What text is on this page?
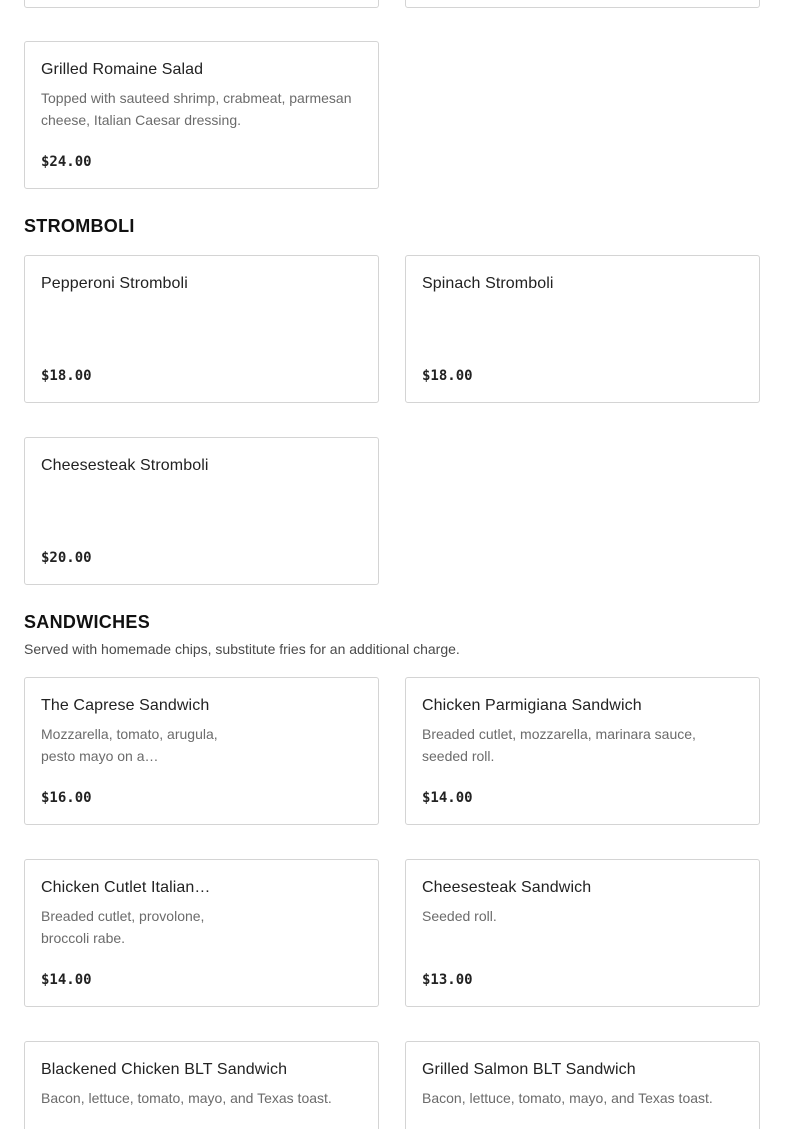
Grilled Romaine Salad
Topped with sauteed shrimp, crabmeat, parmesan cheese, Italian Caesar dressing.
$24.00
STROMBOLI
Pepperoni Stromboli
$18.00
Spinach Stromboli
$18.00
Cheesesteak Stromboli
$20.00
SANDWICHES
Served with homemade chips, substitute fries for an additional charge.
The Caprese Sandwich
Mozzarella, tomato, arugula, pesto mayo on a…
$16.00
Chicken Parmigiana Sandwich
Breaded cutlet, mozzarella, marinara sauce, seeded roll.
$14.00
Chicken Cutlet Italian…
Breaded cutlet, provolone, broccoli rabe.
$14.00
Cheesesteak Sandwich
Seeded roll.
$13.00
Blackened Chicken BLT Sandwich
Bacon, lettuce, tomato, mayo, and Texas toast.
Grilled Salmon BLT Sandwich
Bacon, lettuce, tomato, mayo, and Texas toast.
